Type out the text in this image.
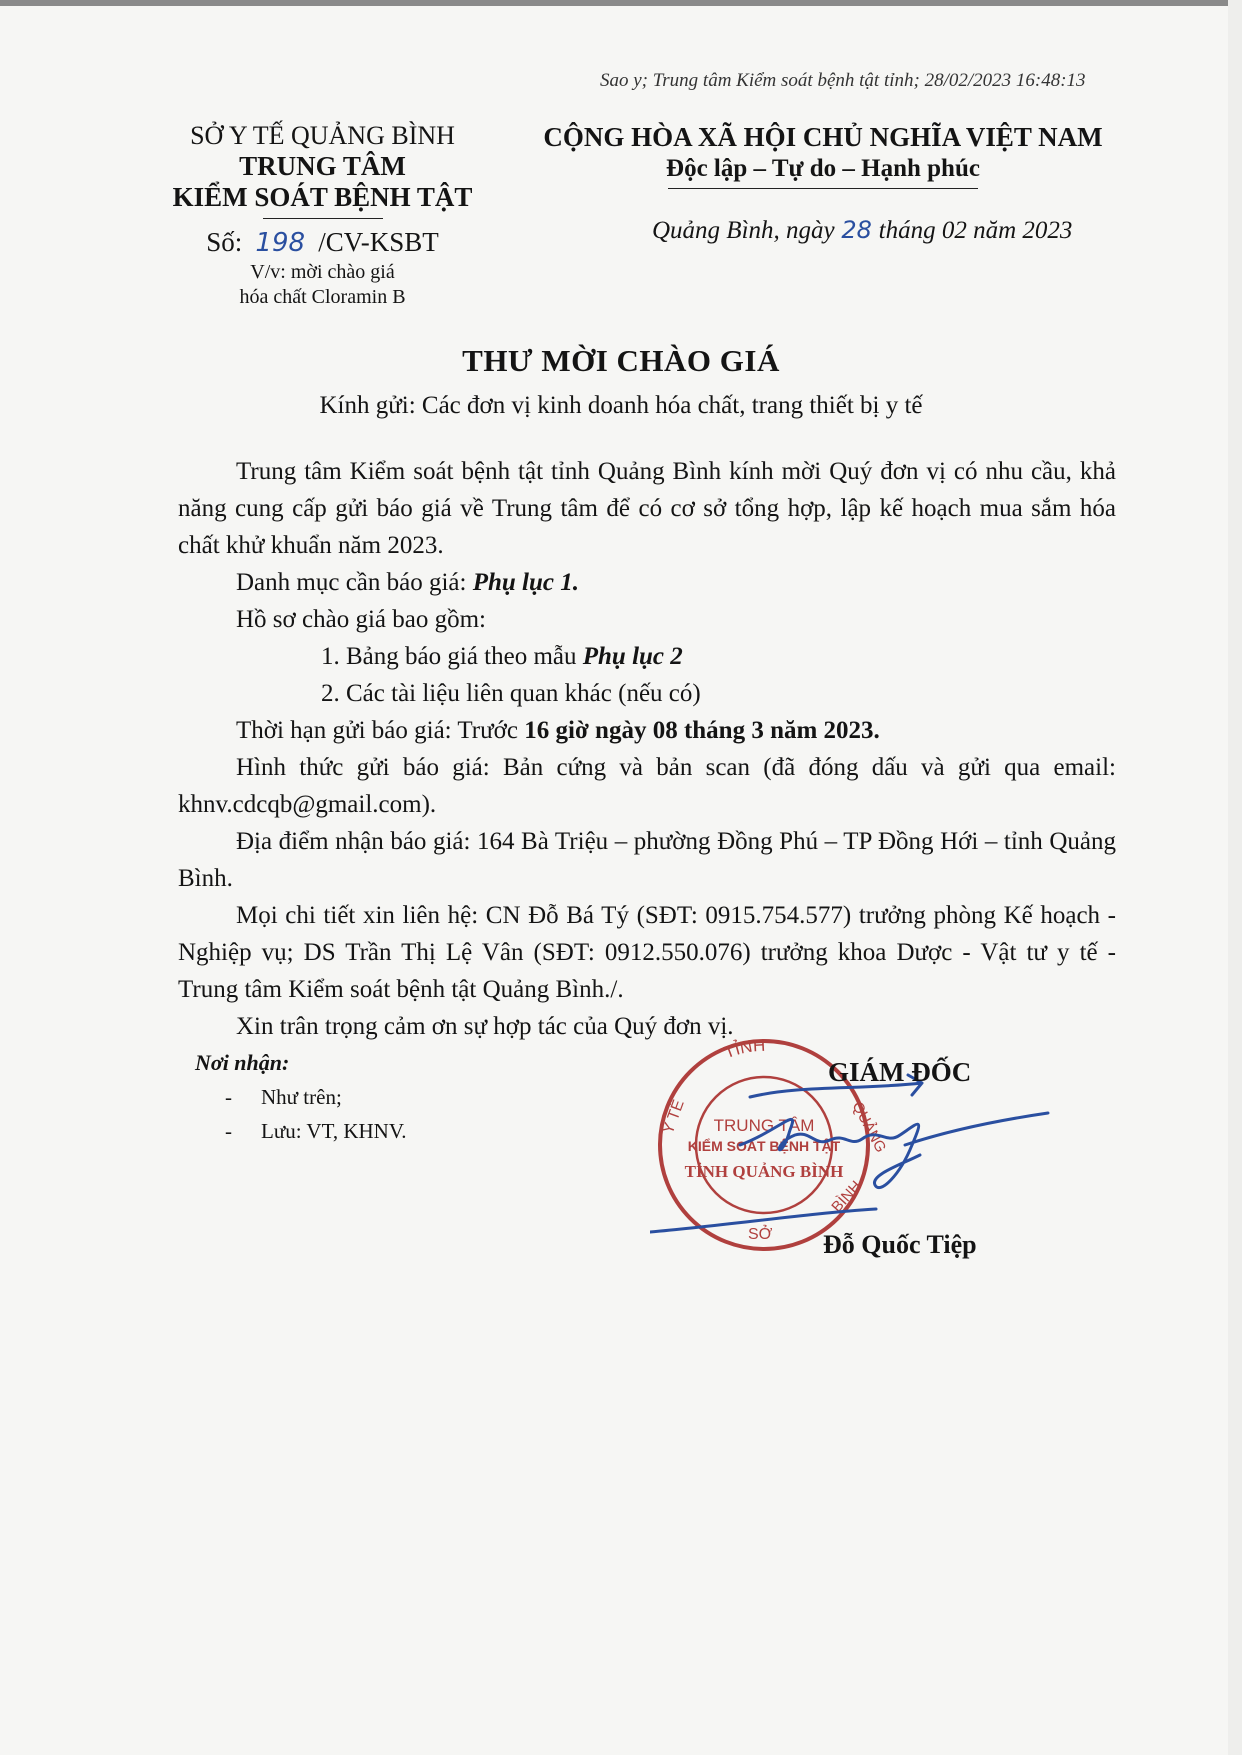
Sao y; Trung tâm Kiểm soát bệnh tật tỉnh; 28/02/2023 16:48:13
SỞ Y TẾ QUẢNG BÌNH
TRUNG TÂM
KIỂM SOÁT BỆNH TẬT
Số: 198 /CV-KSBT
V/v: mời chào giá
hóa chất Cloramin B
CỘNG HÒA XÃ HỘI CHỦ NGHĨA VIỆT NAM
Độc lập – Tự do – Hạnh phúc
Quảng Bình, ngày 28 tháng 02 năm 2023
THƯ MỜI CHÀO GIÁ
Kính gửi: Các đơn vị kinh doanh hóa chất, trang thiết bị y tế

Trung tâm Kiểm soát bệnh tật tỉnh Quảng Bình kính mời Quý đơn vị có nhu cầu, khả năng cung cấp gửi báo giá về Trung tâm để có cơ sở tổng hợp, lập kế hoạch mua sắm hóa chất khử khuẩn năm 2023.

Danh mục cần báo giá: Phụ lục 1.

Hồ sơ chào giá bao gồm:

1. Bảng báo giá theo mẫu Phụ lục 2

2. Các tài liệu liên quan khác (nếu có)

Thời hạn gửi báo giá: Trước 16 giờ ngày 08 tháng 3 năm 2023.

Hình thức gửi báo giá: Bản cứng và bản scan (đã đóng dấu và gửi qua email: khnv.cdcqb@gmail.com).

Địa điểm nhận báo giá: 164 Bà Triệu – phường Đồng Phú – TP Đồng Hới – tỉnh Quảng Bình.

Mọi chi tiết xin liên hệ: CN Đỗ Bá Tý (SĐT: 0915.754.577) trưởng phòng Kế hoạch - Nghiệp vụ; DS Trần Thị Lệ Vân (SĐT: 0912.550.076) trưởng khoa Dược - Vật tư y tế - Trung tâm Kiểm soát bệnh tật Quảng Bình./.

Xin trân trọng cảm ơn sự hợp tác của Quý đơn vị.

Nơi nhận:
- Như trên;
- Lưu: VT, KHNV.
TỈNH
Y TẾ	QUẢNG
BÌNH
SỞ
TRUNG TÂM
KIỂM SOÁT BỆNH TẬT
TỈNH QUẢNG BÌNH
GIÁM ĐỐC
Đỗ Quốc Tiệp
